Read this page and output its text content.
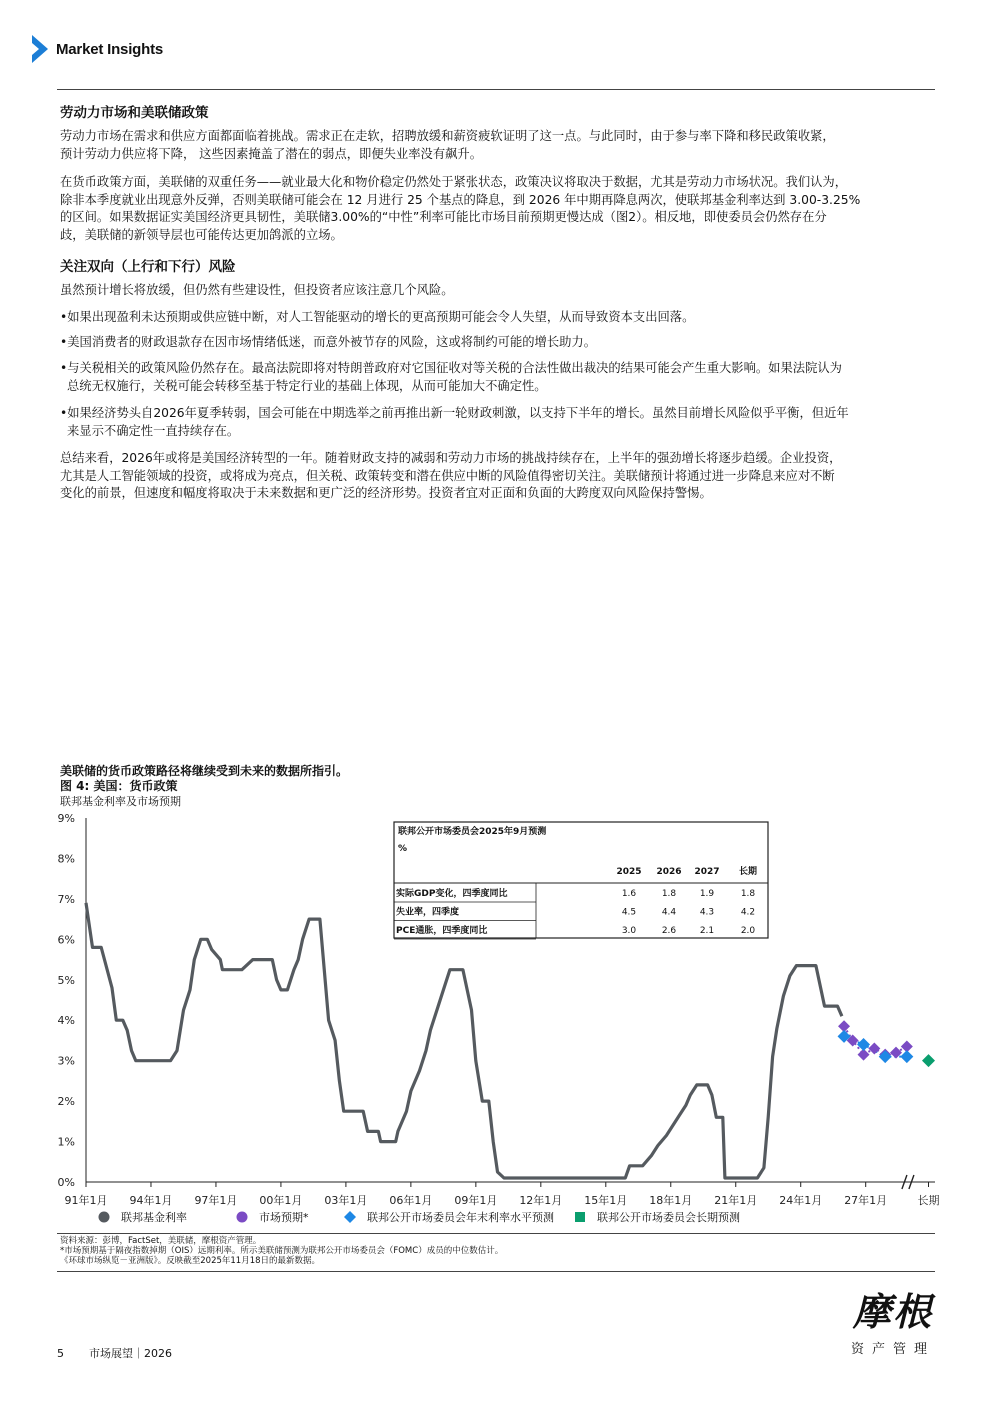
Market Insights
劳动力市场和美联储政策
劳动力市场在需求和供应方面都面临着挑战。需求正在走软，招聘放缓和薪资疲软证明了这一点。与此同时，由于参与率下降和移民政策收紧，
预计劳动力供应将下降， 这些因素掩盖了潜在的弱点，即便失业率没有飙升。
在货币政策方面，美联储的双重任务——就业最大化和物价稳定仍然处于紧张状态，政策决议将取决于数据，尤其是劳动力市场状况。我们认为，
除非本季度就业出现意外反弹，否则美联储可能会在 12 月进行 25 个基点的降息，到 2026 年中期再降息两次，使联邦基金利率达到 3.00-3.25%
的区间。如果数据证实美国经济更具韧性，美联储3.00%的“中性”利率可能比市场目前预期更慢达成（图2）。相反地，即使委员会仍然存在分
歧，美联储的新领导层也可能传达更加鸽派的立场。
关注双向（上行和下行）风险
虽然预计增长将放缓，但仍然有些建设性，但投资者应该注意几个风险。
•如果出现盈利未达预期或供应链中断，对人工智能驱动的增长的更高预期可能会令人失望，从而导致资本支出回落。
•美国消费者的财政退款存在因市场情绪低迷，而意外被节存的风险，这或将制约可能的增长助力。
•与关税相关的政策风险仍然存在。最高法院即将对特朗普政府对它国征收对等关税的合法性做出裁决的结果可能会产生重大影响。如果法院认为
总统无权施行，关税可能会转移至基于特定行业的基础上体现，从而可能加大不确定性。
•如果经济势头自2026年夏季转弱，国会可能在中期选举之前再推出新一轮财政刺激，以支持下半年的增长。虽然目前增长风险似乎平衡，但近年
来显示不确定性一直持续存在。
总结来看，2026年或将是美国经济转型的一年。随着财政支持的减弱和劳动力市场的挑战持续存在，上半年的强劲增长将逐步趋缓。企业投资，
尤其是人工智能领域的投资，或将成为亮点，但关税、政策转变和潜在供应中断的风险值得密切关注。美联储预计将通过进一步降息来应对不断
变化的前景，但速度和幅度将取决于未来数据和更广泛的经济形势。投资者宜对正面和负面的大跨度双向风险保持警惕。
美联储的货币政策路径将继续受到未来的数据所指引。
图 4: 美国：货币政策
联邦基金利率及市场预期
9%
8%
7%
6%
5%
4%
3%
2%
1%
0%
91年1月 94年1月 97年1月 00年1月 03年1月 06年1月 09年1月 12年1月 15年1月 18年1月 21年1月 24年1月 27年1月	长期
联邦公开市场委员会2025年9月预测
%
2025 2026 2027 长期
实际GDP变化，四季度同比	1.6	1.8	1.9	1.8
失业率，四季度	4.5	4.4	4.3	4.2
PCE通胀，四季度同比	3.0	2.6	2.1	2.0
联邦基金利率	市场预期*	联邦公开市场委员会年末利率水平预测	联邦公开市场委员会长期预测
资料来源：彭博，FactSet，美联储，摩根资产管理。
*市场预期基于隔夜指数掉期（OIS）远期利率。所示美联储预测为联邦公开市场委员会（FOMC）成员的中位数估计。
《环球市场纵览－亚洲版》。反映截至2025年11月18日的最新数据。
5 市场展望｜2026
摩根
资产管理
